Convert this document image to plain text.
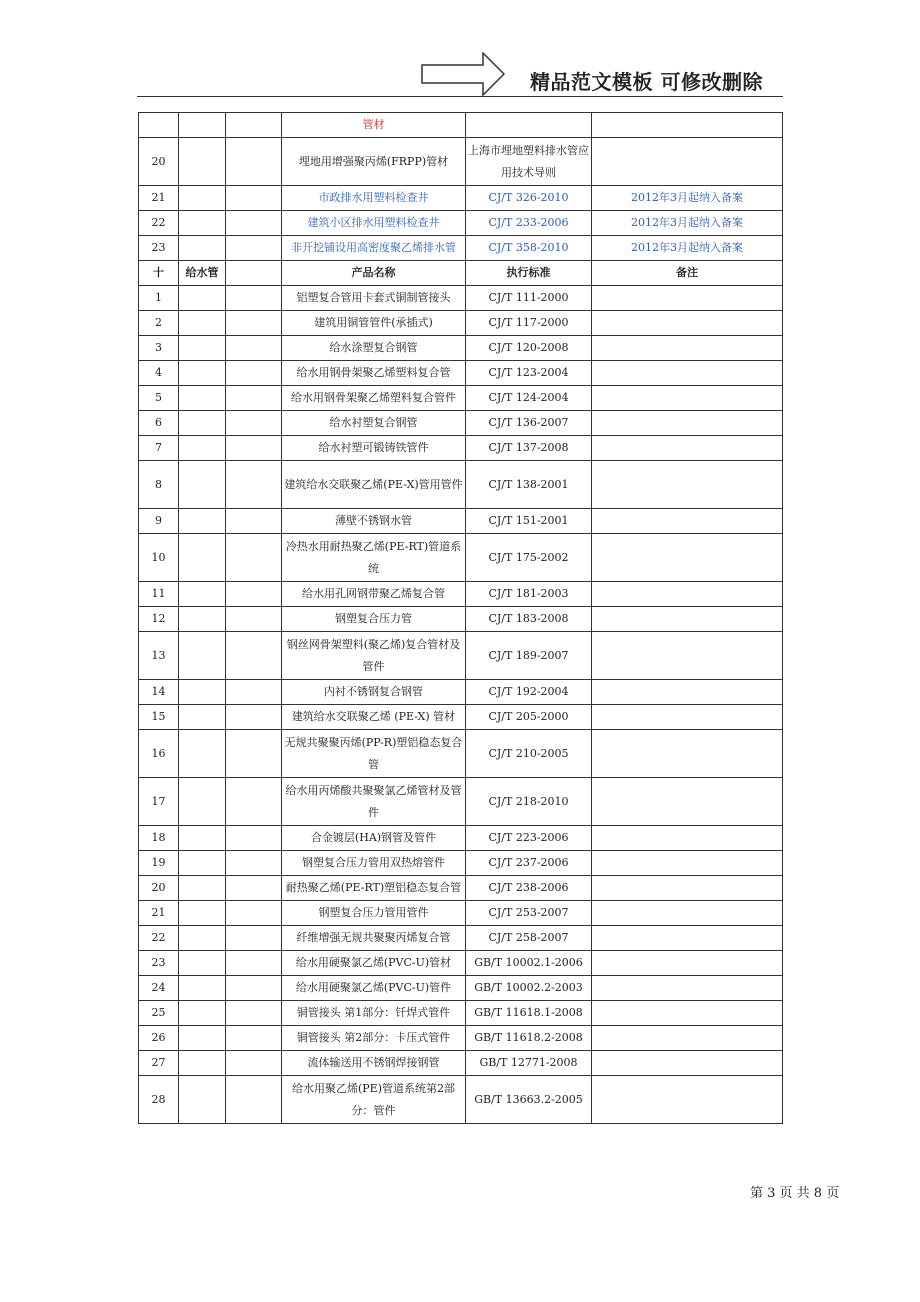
精品范文模板 可修改删除
			管材		
20			埋地用增强聚丙烯(FRPP)管材	上海市埋地塑料排水管应用技术导则	
21			市政排水用塑料检查井	CJ/T 326-2010	2012年3月起纳入备案
22			建筑小区排水用塑料检查井	CJ/T 233-2006	2012年3月起纳入备案
23			非开挖铺设用高密度聚乙烯排水管	CJ/T 358-2010	2012年3月起纳入备案
十	给水管		产品名称	执行标准	备注
1			铝塑复合管用卡套式铜制管接头	CJ/T 111-2000	
2			建筑用铜管管件(承插式)	CJ/T 117-2000	
3			给水涂塑复合钢管	CJ/T 120-2008	
4			给水用钢骨架聚乙烯塑料复合管	CJ/T 123-2004	
5			给水用钢骨架聚乙烯塑料复合管件	CJ/T 124-2004	
6			给水衬塑复合钢管	CJ/T 136-2007	
7			给水衬塑可锻铸铁管件	CJ/T 137-2008	
8			建筑给水交联聚乙烯(PE-X)管用管件	CJ/T 138-2001	
9			薄壁不锈钢水管	CJ/T 151-2001	
10			冷热水用耐热聚乙烯(PE-RT)管道系统	CJ/T 175-2002	
11			给水用孔网钢带聚乙烯复合管	CJ/T 181-2003	
12			钢塑复合压力管	CJ/T 183-2008	
13			钢丝网骨架塑料(聚乙烯)复合管材及管件	CJ/T 189-2007	
14			内衬不锈钢复合钢管	CJ/T 192-2004	
15			建筑给水交联聚乙烯 (PE-X) 管材	CJ/T 205-2000	
16			无规共聚聚丙烯(PP-R)塑铝稳态复合管	CJ/T 210-2005	
17			给水用丙烯酸共聚聚氯乙烯管材及管件	CJ/T 218-2010	
18			合金镀层(HA)钢管及管件	CJ/T 223-2006	
19			钢塑复合压力管用双热熔管件	CJ/T 237-2006	
20			耐热聚乙烯(PE-RT)塑铝稳态复合管	CJ/T 238-2006	
21			钢塑复合压力管用管件	CJ/T 253-2007	
22			纤维增强无规共聚聚丙烯复合管	CJ/T 258-2007	
23			给水用硬聚氯乙烯(PVC-U)管材	GB/T 10002.1-2006	
24			给水用硬聚氯乙烯(PVC-U)管件	GB/T 10002.2-2003	
25			铜管接头 第1部分：钎焊式管件	GB/T 11618.1-2008	
26			铜管接头 第2部分：卡压式管件	GB/T 11618.2-2008	
27			流体输送用不锈钢焊接钢管	GB/T 12771-2008	
28			给水用聚乙烯(PE)管道系统第2部分：管件	GB/T 13663.2-2005	
第 3 页 共 8 页
